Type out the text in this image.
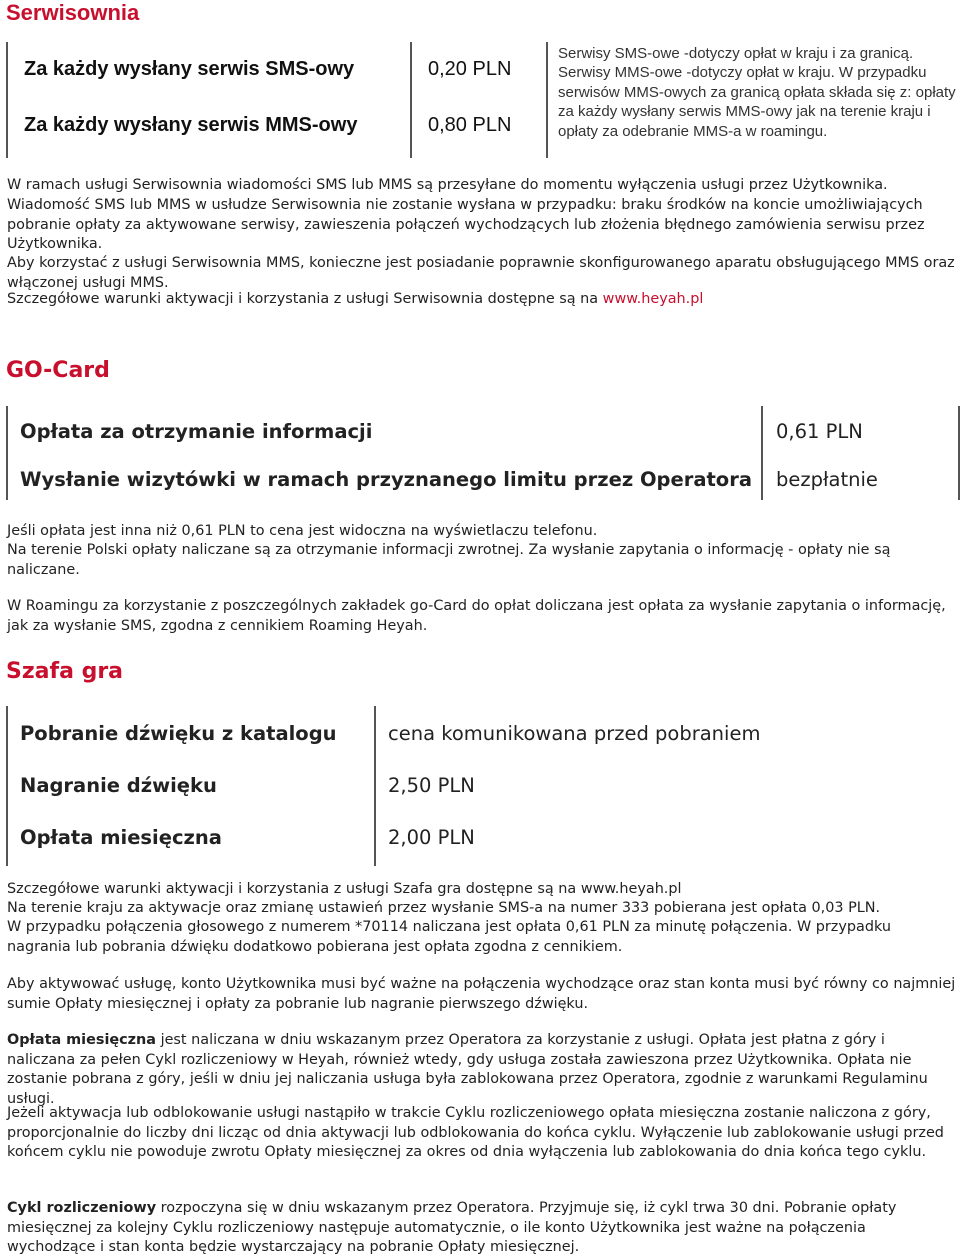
Serwisownia
Za każdy wysłany serwis SMS-owy	0,20 PLN
Za każdy wysłany serwis MMS-owy	0,80 PLN
Serwisy SMS-owe -dotyczy opłat w kraju i za granicą. Serwisy MMS-owe -dotyczy opłat w kraju. W przypadku serwisów MMS-owych za granicą opłata składa się z: opłaty za każdy wysłany serwis MMS-owy jak na terenie kraju i opłaty za odebranie MMS-a w roamingu.

W ramach usługi Serwisownia wiadomości SMS lub MMS są przesyłane do momentu wyłączenia usługi przez Użytkownika.

Wiadomość SMS lub MMS w usłudze Serwisownia nie zostanie wysłana w przypadku: braku środków na koncie umożliwiających pobranie opłaty za aktywowane serwisy, zawieszenia połączeń wychodzących lub złożenia błędnego zamówienia serwisu przez Użytkownika.

Aby korzystać z usługi Serwisownia MMS, konieczne jest posiadanie poprawnie skonfigurowanego aparatu obsługującego MMS oraz włączonej usługi MMS.

Szczegółowe warunki aktywacji i korzystania z usługi Serwisownia dostępne są na www.heyah.pl

GO-Card
Opłata za otrzymanie informacji	0,61 PLN
Wysłanie wizytówki w ramach przyznanego limitu przez Operatora bezpłatnie

Jeśli opłata jest inna niż 0,61 PLN to cena jest widoczna na wyświetlaczu telefonu.

Na terenie Polski opłaty naliczane są za otrzymanie informacji zwrotnej. Za wysłanie zapytania o informację - opłaty nie są naliczane.

W Roamingu za korzystanie z poszczególnych zakładek go-Card do opłat doliczana jest opłata za wysłanie zapytania o informację, jak za wysłanie SMS, zgodna z cennikiem Roaming Heyah.

Szafa gra
Pobranie dźwięku z katalogu	cena komunikowana przed pobraniem
Nagranie dźwięku	2,50 PLN
Opłata miesięczna	2,00 PLN

Szczegółowe warunki aktywacji i korzystania z usługi Szafa gra dostępne są na www.heyah.pl

Na terenie kraju za aktywacje oraz zmianę ustawień przez wysłanie SMS-a na numer 333 pobierana jest opłata 0,03 PLN.

W przypadku połączenia głosowego z numerem *70114 naliczana jest opłata 0,61 PLN za minutę połączenia. W przypadku nagrania lub pobrania dźwięku dodatkowo pobierana jest opłata zgodna z cennikiem.

Aby aktywować usługę, konto Użytkownika musi być ważne na połączenia wychodzące oraz stan konta musi być równy co najmniej sumie Opłaty miesięcznej i opłaty za pobranie lub nagranie pierwszego dźwięku.

Opłata miesięczna jest naliczana w dniu wskazanym przez Operatora za korzystanie z usługi. Opłata jest płatna z góry i naliczana za pełen Cykl rozliczeniowy w Heyah, również wtedy, gdy usługa została zawieszona przez Użytkownika. Opłata nie zostanie pobrana z góry, jeśli w dniu jej naliczania usługa była zablokowana przez Operatora, zgodnie z warunkami Regulaminu usługi.

Jeżeli aktywacja lub odblokowanie usługi nastąpiło w trakcie Cyklu rozliczeniowego opłata miesięczna zostanie naliczona z góry, proporcjonalnie do liczby dni licząc od dnia aktywacji lub odblokowania do końca cyklu. Wyłączenie lub zablokowanie usługi przed końcem cyklu nie powoduje zwrotu Opłaty miesięcznej za okres od dnia wyłączenia lub zablokowania do dnia końca tego cyklu.

Cykl rozliczeniowy rozpoczyna się w dniu wskazanym przez Operatora. Przyjmuje się, iż cykl trwa 30 dni. Pobranie opłaty miesięcznej za kolejny Cyklu rozliczeniowy następuje automatycznie, o ile konto Użytkownika jest ważne na połączenia wychodzące i stan konta będzie wystarczający na pobranie Opłaty miesięcznej.
